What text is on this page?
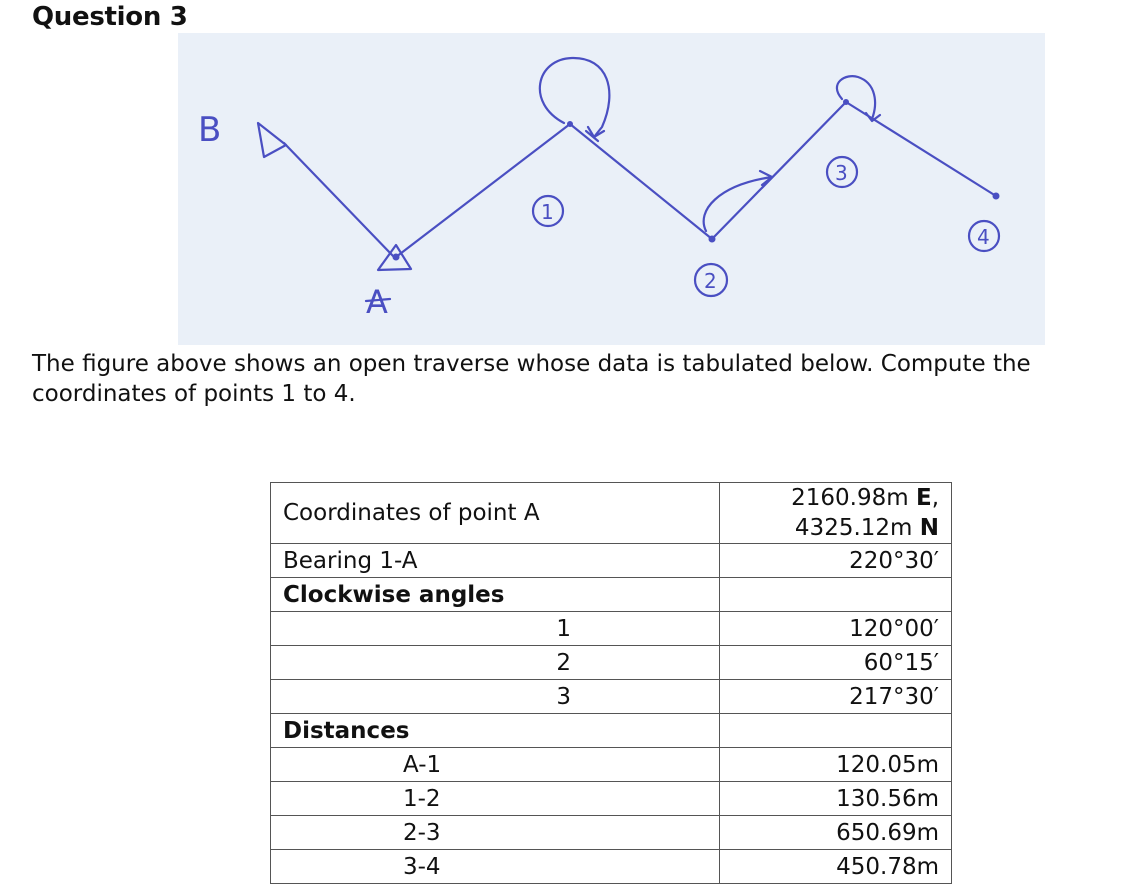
Question 3
B
A
1
2
3
4
The figure above shows an open traverse whose data is tabulated below. Compute the coordinates of points 1 to 4.
Coordinates of point A	2160.98m E, 4325.12m N
Bearing 1-A	220°30′
Clockwise angles	
1	120°00′
2	60°15′
3	217°30′
Distances	
A-1	120.05m
1-2	130.56m
2-3	650.69m
3-4	450.78m
